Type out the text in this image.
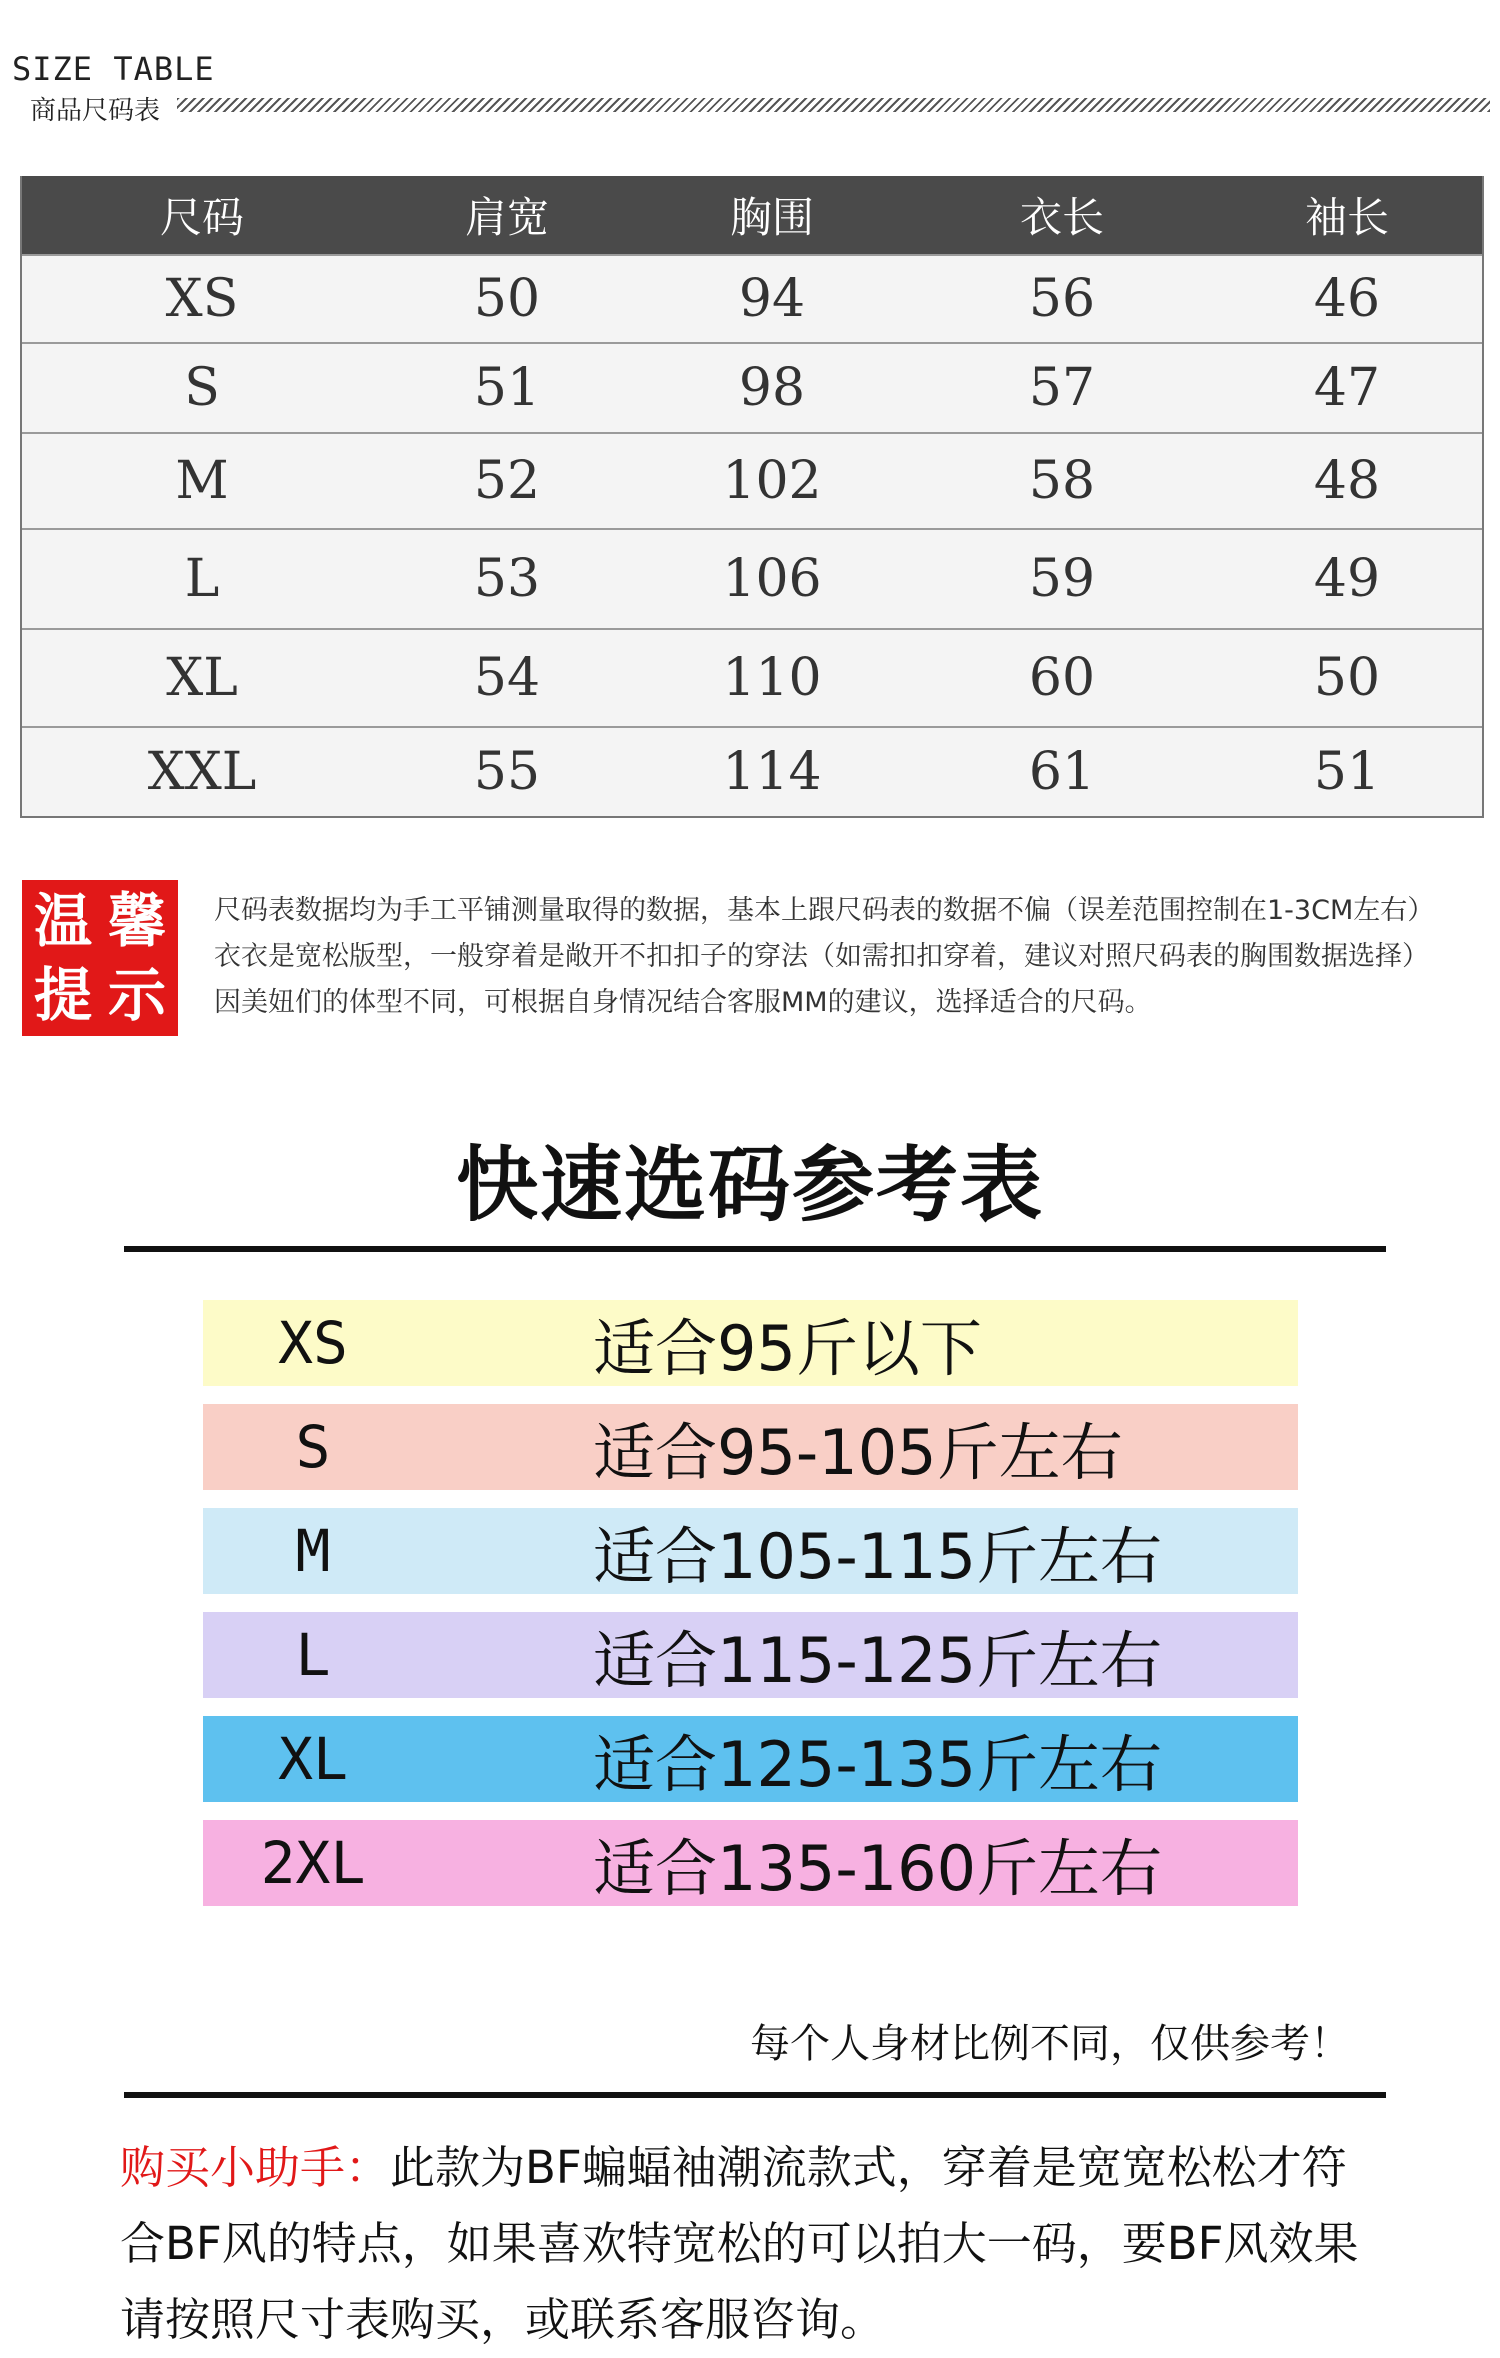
SIZE TABLE
商品尺码表
尺码	肩宽	胸围	衣长	袖长
XS	50	94	56	46
S	51	98	57	47
M	52	102	58	48
L	53	106	59	49
XL	54	110	60	50
XXL	55	114	61	51
温 馨
提 示
尺码表数据均为手工平铺测量取得的数据，基本上跟尺码表的数据不偏（误差范围控制在1-3CM左右）
衣衣是宽松版型，一般穿着是敞开不扣扣子的穿法（如需扣扣穿着，建议对照尺码表的胸围数据选择）
因美妞们的体型不同，可根据自身情况结合客服MM的建议，选择适合的尺码。
快速选码参考表
XS	适合95斤以下
S	适合95-105斤左右
M	适合105-115斤左右
L	适合115-125斤左右
XL	适合125-135斤左右
2XL	适合135-160斤左右
每个人身材比例不同，仅供参考！
购买小助手：此款为BF蝙蝠袖潮流款式，穿着是宽宽松松才符合BF风的特点，如果喜欢特宽松的可以拍大一码，要BF风效果请按照尺寸表购买，或联系客服咨询。
